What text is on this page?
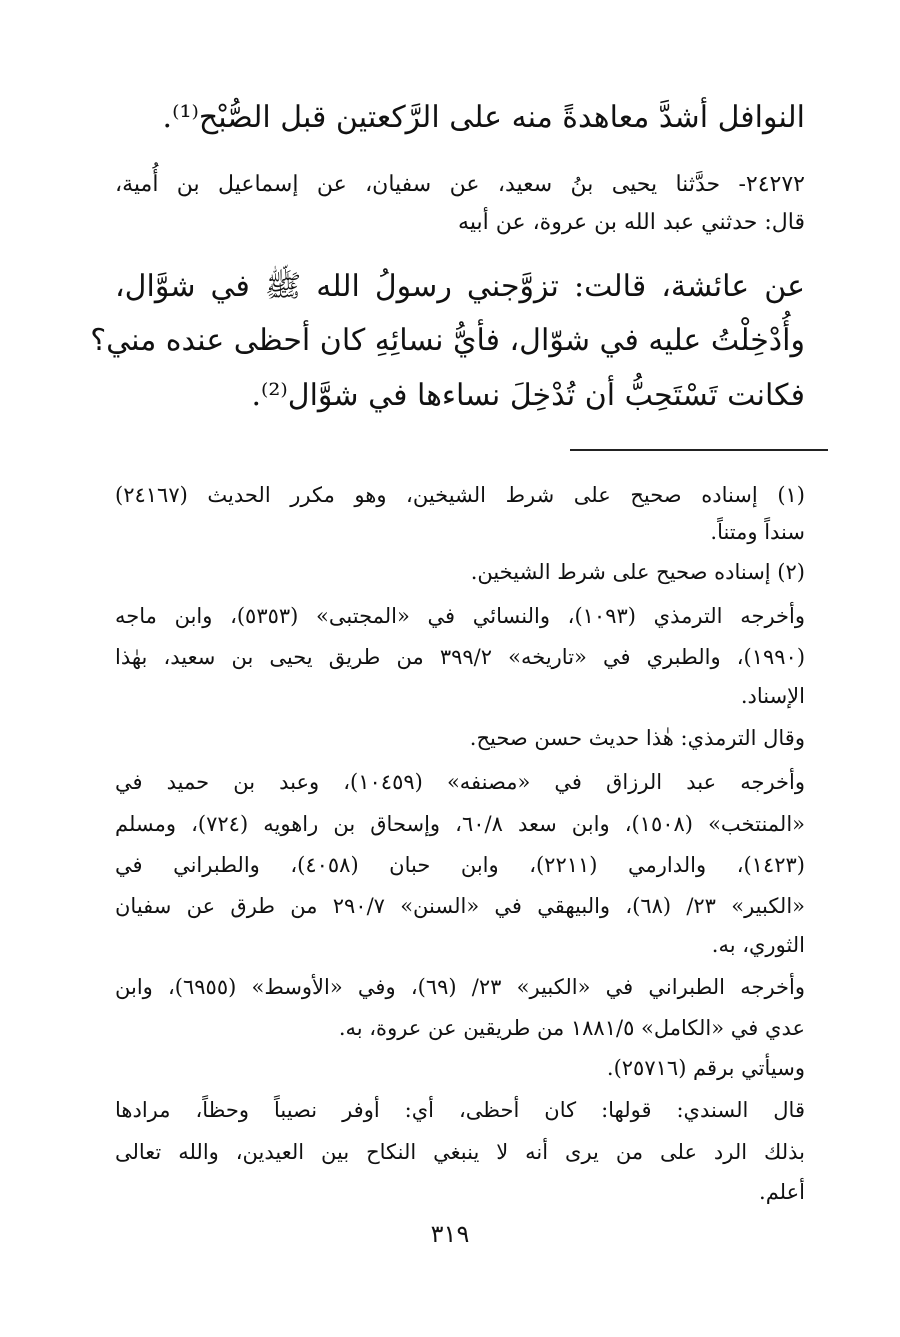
النوافل أشدَّ معاهدةً منه على الرَّكعتين قبل الصُّبْح⁽¹⁾.
٢٤٢٧٢- حدَّثنا يحيى بنُ سعيد، عن سفيان، عن إسماعيل بن أُمية،
قال: حدثني عبد الله بن عروة، عن أبيه
عن عائشة، قالت: تزوَّجني رسولُ الله ﷺ في شوَّال،
وأُدْخِلْتُ عليه في شوّال، فأيُّ نسائِهِ كان أحظى عنده مني؟
فكانت تَسْتَحِبُّ أن تُدْخِلَ نساءها في شوَّال⁽²⁾.
(١) إسناده صحيح على شرط الشيخين، وهو مكرر الحديث (٢٤١٦٧)
سنداً ومتناً.
(٢) إسناده صحيح على شرط الشيخين.
وأخرجه الترمذي (١٠٩٣)، والنسائي في «المجتبى» (٥٣٥٣)، وابن ماجه
(١٩٩٠)، والطبري في «تاريخه» ٣٩٩/٢ من طريق يحيى بن سعيد، بهٰذا
الإسناد.
وقال الترمذي: هٰذا حديث حسن صحيح.
وأخرجه عبد الرزاق في «مصنفه» (١٠٤٥٩)، وعبد بن حميد في
«المنتخب» (١٥٠٨)، وابن سعد ٦٠/٨، وإسحاق بن راهويه (٧٢٤)، ومسلم
(١٤٢٣)، والدارمي (٢٢١١)، وابن حبان (٤٠٥٨)، والطبراني في
«الكبير» ٢٣/ (٦٨)، والبيهقي في «السنن» ٢٩٠/٧ من طرق عن سفيان
الثوري، به.
وأخرجه الطبراني في «الكبير» ٢٣/ (٦٩)، وفي «الأوسط» (٦٩٥٥)، وابن
عدي في «الكامل» ١٨٨١/٥ من طريقين عن عروة، به.
وسيأتي برقم (٢٥٧١٦).
قال السندي: قولها: كان أحظى، أي: أوفر نصيباً وحظاً، مرادها
بذلك الرد على من يرى أنه لا ينبغي النكاح بين العيدين، والله تعالى
أعلم.
٣١٩
